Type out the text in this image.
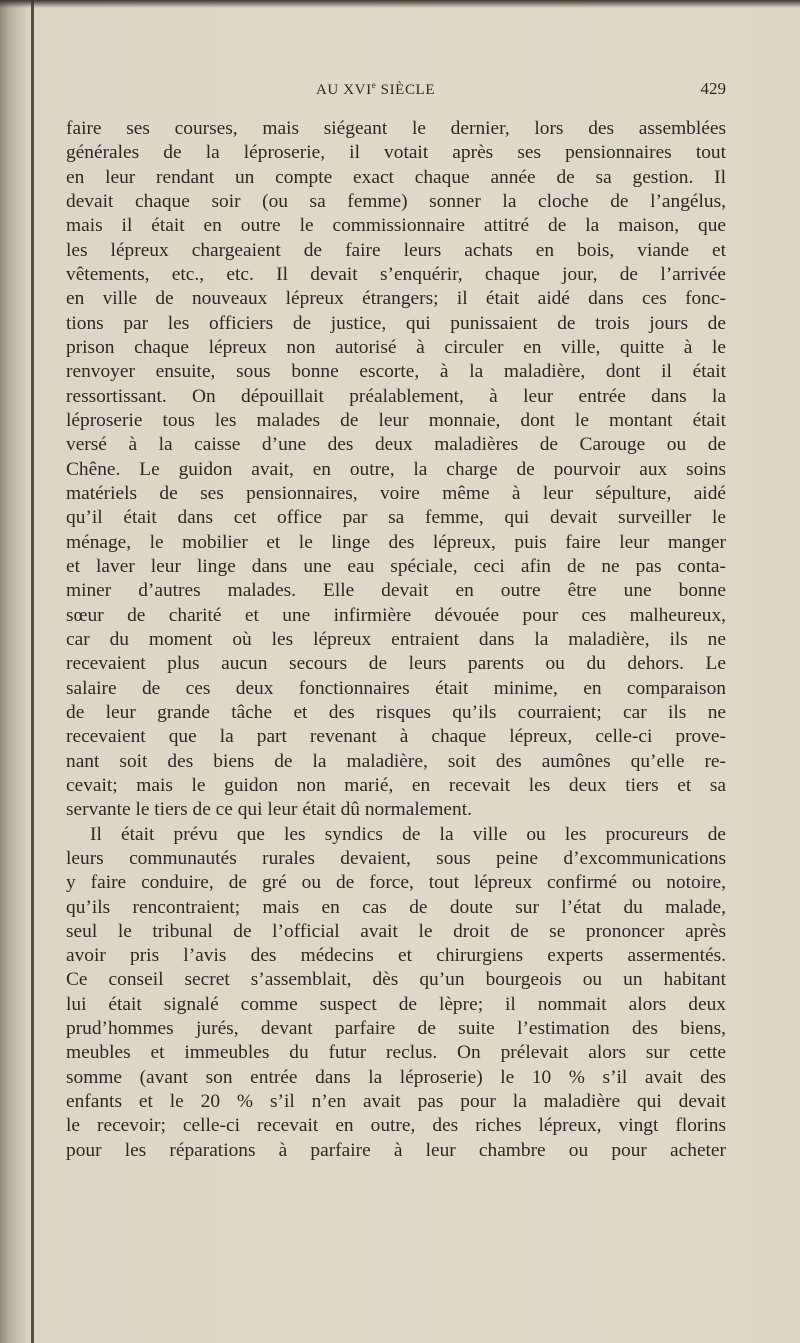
AU XVIe SIÈCLE	429
faire ses courses, mais siégeant le dernier, lors des assemblées
générales de la léproserie, il votait après ses pensionnaires tout
en leur rendant un compte exact chaque année de sa gestion. Il
devait chaque soir (ou sa femme) sonner la cloche de l’angélus,
mais il était en outre le commissionnaire attitré de la maison, que
les lépreux chargeaient de faire leurs achats en bois, viande et
vêtements, etc., etc. Il devait s’enquérir, chaque jour, de l’arrivée
en ville de nouveaux lépreux étrangers; il était aidé dans ces fonc-
tions par les officiers de justice, qui punissaient de trois jours de
prison chaque lépreux non autorisé à circuler en ville, quitte à le
renvoyer ensuite, sous bonne escorte, à la maladière, dont il était
ressortissant. On dépouillait préalablement, à leur entrée dans la
léproserie tous les malades de leur monnaie, dont le montant était
versé à la caisse d’une des deux maladières de Carouge ou de
Chêne. Le guidon avait, en outre, la charge de pourvoir aux soins
matériels de ses pensionnaires, voire même à leur sépulture, aidé
qu’il était dans cet office par sa femme, qui devait surveiller le
ménage, le mobilier et le linge des lépreux, puis faire leur manger
et laver leur linge dans une eau spéciale, ceci afin de ne pas conta-
miner d’autres malades. Elle devait en outre être une bonne
sœur de charité et une infirmière dévouée pour ces malheureux,
car du moment où les lépreux entraient dans la maladière, ils ne
recevaient plus aucun secours de leurs parents ou du dehors. Le
salaire de ces deux fonctionnaires était minime, en comparaison
de leur grande tâche et des risques qu’ils courraient; car ils ne
recevaient que la part revenant à chaque lépreux, celle-ci prove-
nant soit des biens de la maladière, soit des aumônes qu’elle re-
cevait; mais le guidon non marié, en recevait les deux tiers et sa
servante le tiers de ce qui leur était dû normalement.
Il était prévu que les syndics de la ville ou les procureurs de
leurs communautés rurales devaient, sous peine d’excommunications
y faire conduire, de gré ou de force, tout lépreux confirmé ou notoire,
qu’ils rencontraient; mais en cas de doute sur l’état du malade,
seul le tribunal de l’official avait le droit de se prononcer après
avoir pris l’avis des médecins et chirurgiens experts assermentés.
Ce conseil secret s’assemblait, dès qu’un bourgeois ou un habitant
lui était signalé comme suspect de lèpre; il nommait alors deux
prud’hommes jurés, devant parfaire de suite l’estimation des biens,
meubles et immeubles du futur reclus. On prélevait alors sur cette
somme (avant son entrée dans la léproserie) le 10 % s’il avait des
enfants et le 20 % s’il n’en avait pas pour la maladière qui devait
le recevoir; celle-ci recevait en outre, des riches lépreux, vingt florins
pour les réparations à parfaire à leur chambre ou pour acheter
